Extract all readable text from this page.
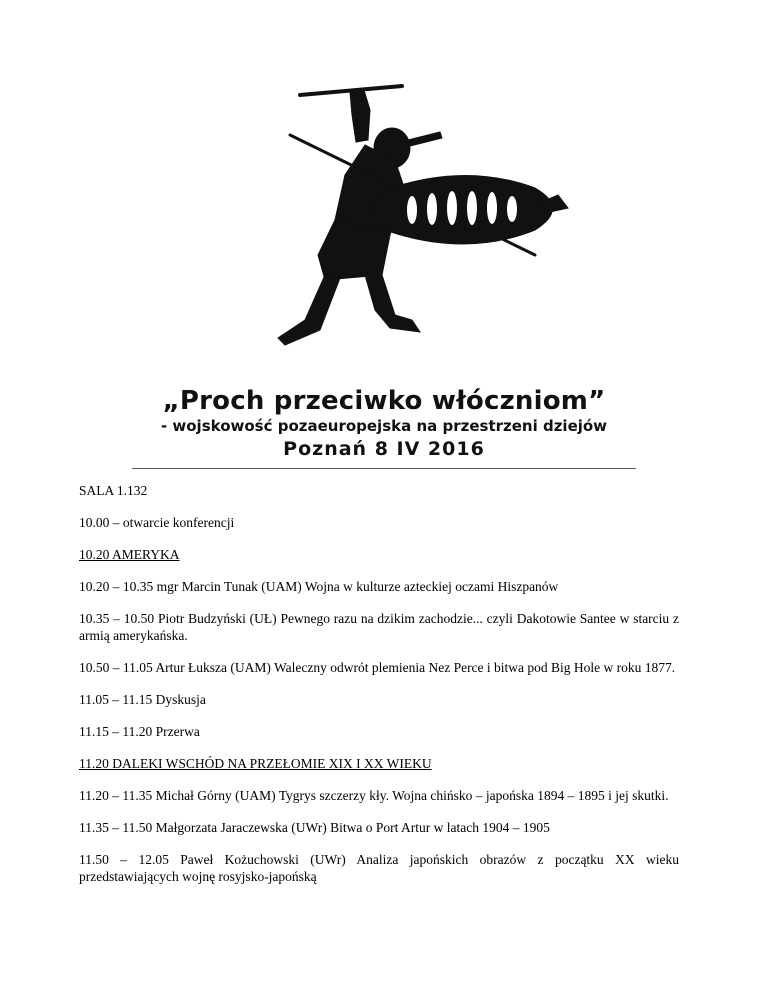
„Proch przeciwko włóczniom”
- wojskowość pozaeuropejska na przestrzeni dziejów
Poznań 8 IV 2016

SALA 1.132

10.00 – otwarcie konferencji

10.20 AMERYKA

10.20 – 10.35 mgr Marcin Tunak (UAM) Wojna w kulturze azteckiej oczami Hiszpanów

10.35 – 10.50 Piotr Budzyński (UŁ) Pewnego razu na dzikim zachodzie... czyli Dakotowie Santee w starciu z armią amerykańska.

10.50 – 11.05 Artur Łuksza (UAM) Waleczny odwrót plemienia Nez Perce i bitwa pod Big Hole w roku 1877.

11.05 – 11.15 Dyskusja

11.15 – 11.20 Przerwa

11.20 DALEKI WSCHÓD NA PRZEŁOMIE XIX I XX WIEKU

11.20 – 11.35 Michał Górny (UAM) Tygrys szczerzy kły. Wojna chińsko – japońska 1894 – 1895 i jej skutki.

11.35 – 11.50 Małgorzata Jaraczewska (UWr) Bitwa o Port Artur w latach 1904 – 1905

11.50 – 12.05 Paweł Kożuchowski (UWr) Analiza japońskich obrazów z początku XX wieku przedstawiających wojnę rosyjsko-japońską
